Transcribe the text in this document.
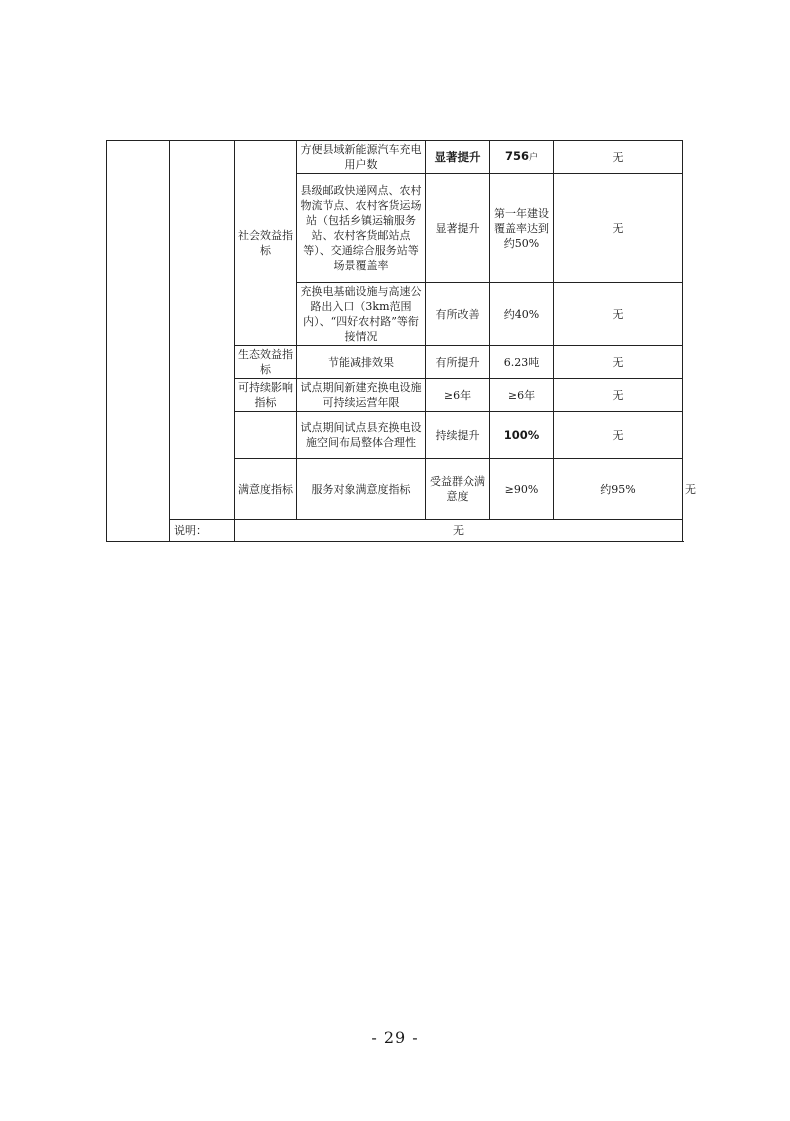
		社会效益指标	方便县域新能源汽车充电用户数	显著提升	756户	无	
			县级邮政快递网点、农村物流节点、农村客货运场站（包括乡镇运输服务站、农村客货邮站点等）、交通综合服务站等场景覆盖率	显著提升	第一年建设覆盖率达到约50%	无	
			充换电基础设施与高速公路出入口（3km范围内）、“四好农村路”等衔接情况	有所改善	约40%	无	
		生态效益指标	节能减排效果	有所提升	6.23吨	无	
		可持续影响指标	试点期间新建充换电设施可持续运营年限	≥6年	≥6年	无	
			试点期间试点县充换电设施空间布局整体合理性	持续提升	100%	无	
		满意度指标	服务对象满意度指标	受益群众满意度	≥90%	约95%	无
	说明：	无					
- 29 -
